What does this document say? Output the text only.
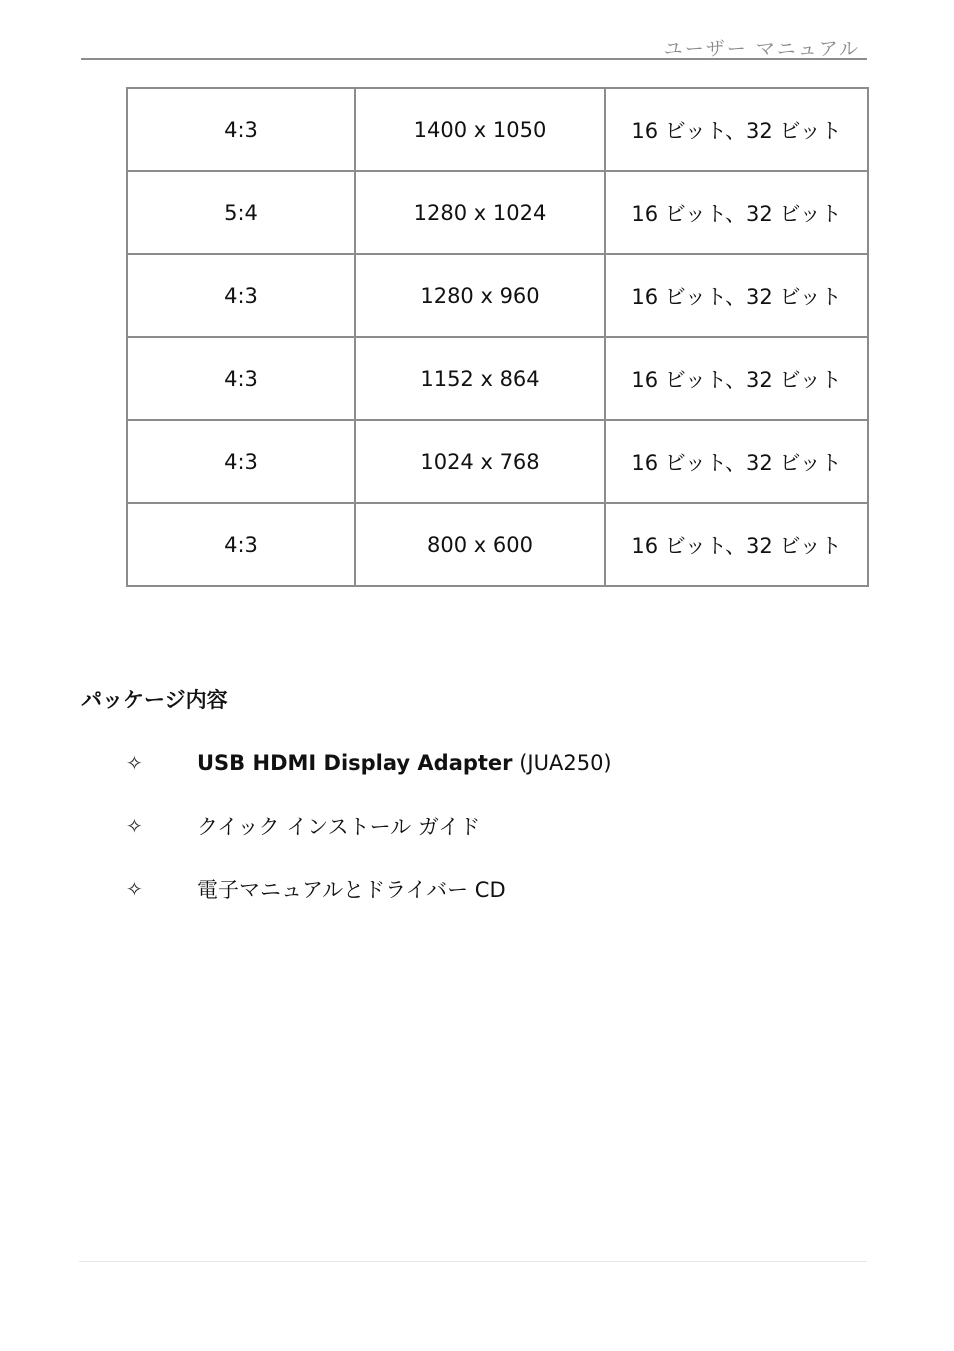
ユーザー マニュアル
4:3	1400 x 1050	16 ビット、32 ビット
5:4	1280 x 1024	16 ビット、32 ビット
4:3	1280 x 960	16 ビット、32 ビット
4:3	1152 x 864	16 ビット、32 ビット
4:3	1024 x 768	16 ビット、32 ビット
4:3	800 x 600	16 ビット、32 ビット
パッケージ内容
✧	USB HDMI Display Adapter (JUA250)
✧	クイック インストール ガイド
✧	電子マニュアルとドライバー CD
